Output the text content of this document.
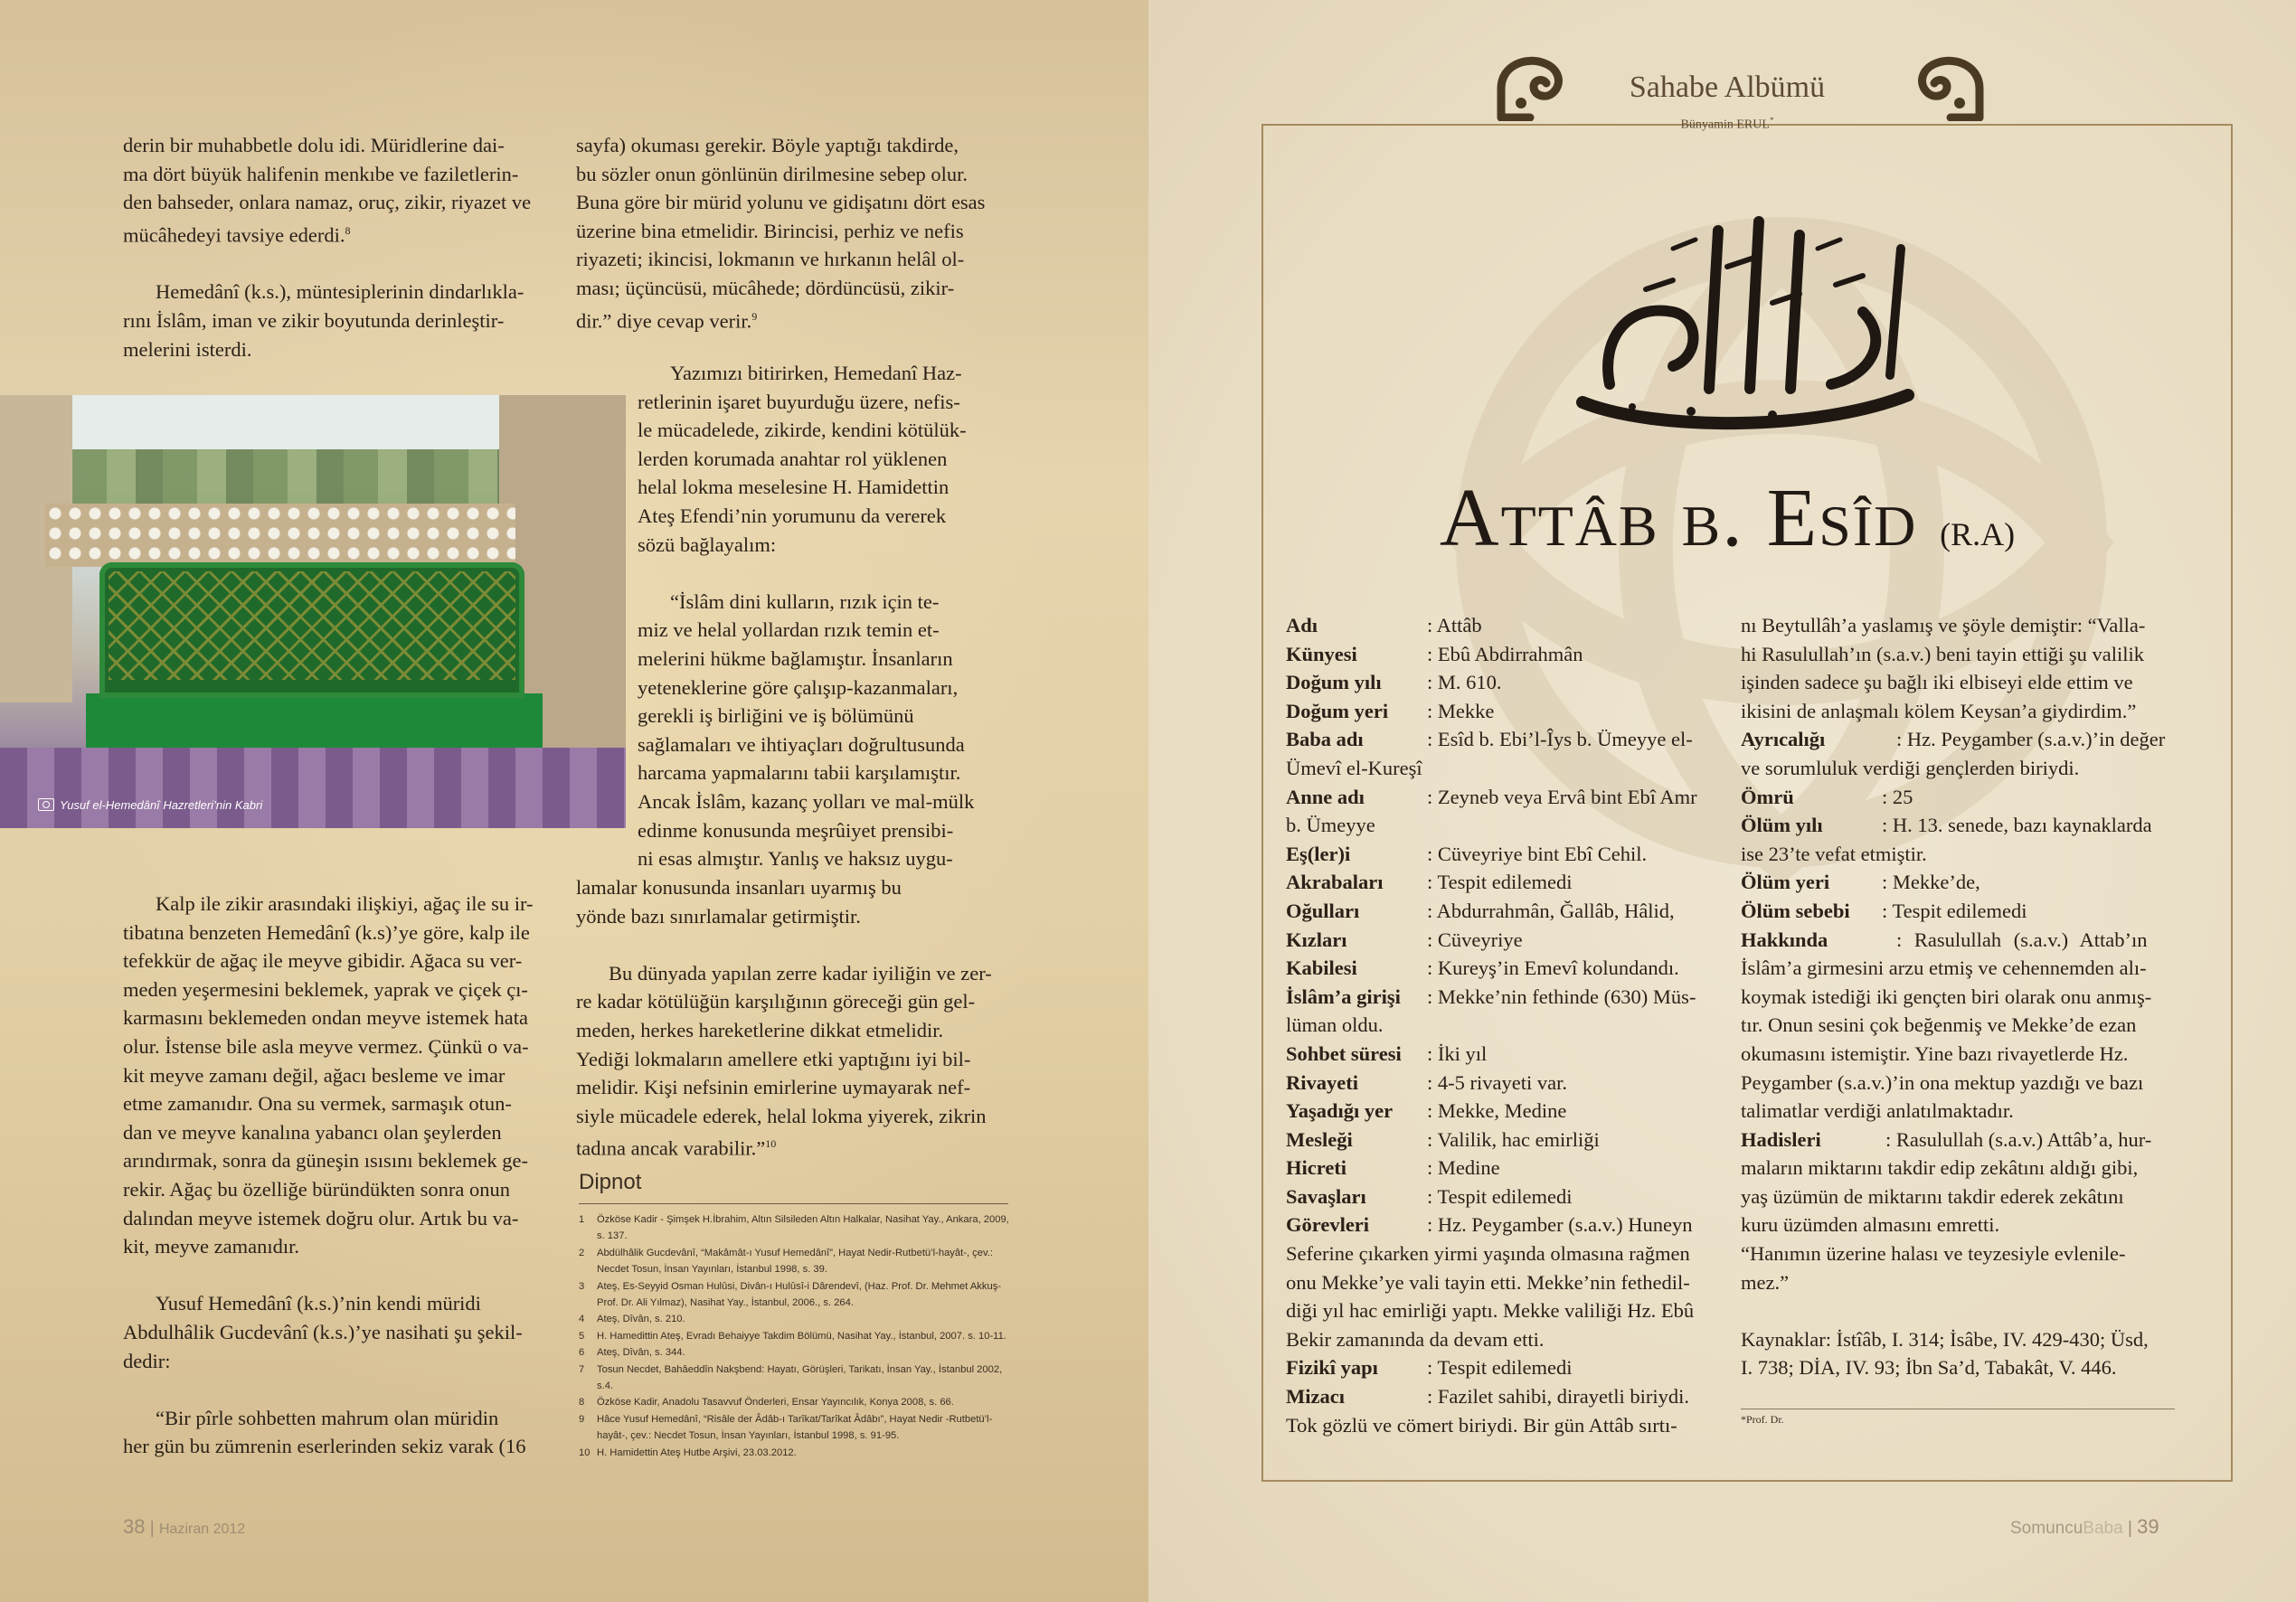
derin bir muhabbetle dolu idi. Müridlerine dai-

ma dört büyük halifenin menkıbe ve faziletlerin-

den bahseder, onlara namaz, oruç, zikir, riyazet ve

mücâhedeyi tavsiye ederdi.$^8$

Hemedânî (k.s.), müntesiplerinin dindarlıkla-

rını İslâm, iman ve zikir boyutunda derinleştir-

melerini isterdi.

sayfa) okuması gerekir. Böyle yaptığı takdirde,

bu sözler onun gönlünün dirilmesine sebep olur.

Buna göre bir mürid yolunu ve gidişatını dört esas

üzerine bina etmelidir. Birincisi, perhiz ve nefis

riyazeti; ikincisi, lokmanın ve hırkanın helâl ol-

ması; üçüncüsü, mücâhede; dördüncüsü, zikir-

dir.” diye cevap verir.$^9$

Yazımızı bitirirken, Hemedanî Haz-

retlerinin işaret buyurduğu üzere, nefis-

le mücadelede, zikirde, kendini kötülük-

lerden korumada anahtar rol yüklenen

helal lokma meselesine H. Hamidettin

Ateş Efendi’nin yorumunu da vererek

sözü bağlayalım:

“İslâm dini kulların, rızık için te-

miz ve helal yollardan rızık temin et-

melerini hükme bağlamıştır. İnsanların

yeteneklerine göre çalışıp-kazanmaları,

gerekli iş birliğini ve iş bölümünü

sağlamaları ve ihtiyaçları doğrultusunda

harcama yapmalarını tabii karşılamıştır.

Ancak İslâm, kazanç yolları ve mal-mülk

edinme konusunda meşrûiyet prensibi-

ni esas almıştır. Yanlış ve haksız uygu-

lamalar konusunda insanları uyarmış bu

yönde bazı sınırlamalar getirmiştir.

Bu dünyada yapılan zerre kadar iyiliğin ve zer-

re kadar kötülüğün karşılığının göreceği gün gel-

meden, herkes hareketlerine dikkat etmelidir.

Yediği lokmaların amellere etki yaptığını iyi bil-

melidir. Kişi nefsinin emirlerine uymayarak nef-

siyle mücadele ederek, helal lokma yiyerek, zikrin

tadına ancak varabilir.”$^{10}$

Yusuf el-Hemedânî Hazretleri’nin Kabri

Kalp ile zikir arasındaki ilişkiyi, ağaç ile su ir-

tibatına benzeten Hemedânî (k.s)’ye göre, kalp ile

tefekkür de ağaç ile meyve gibidir. Ağaca su ver-

meden yeşermesini beklemek, yaprak ve çiçek çı-

karmasını beklemeden ondan meyve istemek hata

olur. İstense bile asla meyve vermez. Çünkü o va-

kit meyve zamanı değil, ağacı besleme ve imar

etme zamanıdır. Ona su vermek, sarmaşık otun-

dan ve meyve kanalına yabancı olan şeylerden

arındırmak, sonra da güneşin ısısını beklemek ge-

rekir. Ağaç bu özelliğe büründükten sonra onun

dalından meyve istemek doğru olur. Artık bu va-

kit, meyve zamanıdır.

Yusuf Hemedânî (k.s.)’nin kendi müridi

Abdulhâlik Gucdevânî (k.s.)’ye nasihati şu şekil-

dedir:

“Bir pîrle sohbetten mahrum olan müridin

her gün bu zümrenin eserlerinden sekiz varak (16

Dipnot
1	Özköse Kadir - Şimşek H.İbrahim, Altın Silsileden Altın Halkalar, Nasihat Yay., Ankara, 2009, s. 137.
2	Abdülhâlik Gucdevânî, “Makâmât-ı Yusuf Hemedânî”, Hayat Nedir-Rutbetü’l-hayât-, çev.: Necdet Tosun, İnsan Yayınları, İstanbul 1998, s. 39.
3	Ateş, Es-Seyyid Osman Hulûsi, Divân-ı Hulûsî-i Dârendevî, (Haz. Prof. Dr. Mehmet Akkuş-Prof. Dr. Ali Yılmaz), Nasihat Yay., İstanbul, 2006., s. 264.
4	Ateş, Dîvân, s. 210.
5	H. Hamedittin Ateş, Evradı Behaiyye Takdim Bölümü, Nasihat Yay., İstanbul, 2007. s. 10-11.
6	Ateş, Dîvân, s. 344.
7	Tosun Necdet, Bahâeddîn Nakşbend: Hayatı, Görüşleri, Tarikatı, İnsan Yay., İstanbul 2002, s.4.
8	Özköse Kadir, Anadolu Tasavvuf Önderleri, Ensar Yayıncılık, Konya 2008, s. 66.
9	Hâce Yusuf Hemedânî, “Risâle der Âdâb-ı Tarîkat/Tarîkat Âdâbı”, Hayat Nedir -Rutbetü’l-hayât-, çev.: Necdet Tosun, İnsan Yayınları, İstanbul 1998, s. 91-95.
10 H. Hamidettin Ateş Hutbe Arşivi, 23.03.2012.
38 | Haziran 2012
Sahabe Albümü
Bünyamin ERUL*
Attâb b. Esîd (R.A)

Adı	: Attâb

Künyesi	: Ebû Abdirrahmân

Doğum yılı : M. 610.

Doğum yeri : Mekke

Baba adı	: Esîd b. Ebi’l-Îys b. Ümeyye el-

Ümevî el-Kureşî

Anne adı	: Zeyneb veya Ervâ bint Ebî Amr

b. Ümeyye

Eş(ler)i	: Cüveyriye bint Ebî Cehil.

Akrabaları : Tespit edilemedi

Oğulları	: Abdurrahmân, Ğallâb, Hâlid,

Kızları	: Cüveyriye

Kabilesi	: Kureyş’in Emevî kolundandı.

İslâm’a girişi : Mekke’nin fethinde (630) Müs-

lüman oldu.

Sohbet süresi : İki yıl

Rivayeti	: 4-5 rivayeti var.

Yaşadığı yer : Mekke, Medine

Mesleği	: Valilik, hac emirliği

Hicreti	: Medine

Savaşları	: Tespit edilemedi

Görevleri	: Hz. Peygamber (s.a.v.) Huneyn

Seferine çıkarken yirmi yaşında olmasına rağmen

onu Mekke’ye vali tayin etti. Mekke’nin fethedil-

diği yıl hac emirliği yaptı. Mekke valiliği Hz. Ebû

Bekir zamanında da devam etti.

Fizikî yapı : Tespit edilemedi

Mizacı	: Fazilet sahibi, dirayetli biriydi.

Tok gözlü ve cömert biriydi. Bir gün Attâb sırtı-

nı Beytullâh’a yaslamış ve şöyle demiştir: “Valla-

hi Rasulullah’ın (s.a.v.) beni tayin ettiği şu valilik

işinden sadece şu bağlı iki elbiseyi elde ettim ve

ikisini de anlaşmalı kölem Keysan’a giydirdim.”

Ayrıcalığı	: Hz. Peygamber (s.a.v.)’in değer

ve sorumluluk verdiği gençlerden biriydi.

Ömrü	: 25

Ölüm yılı	: H. 13. senede, bazı kaynaklarda

ise 23’te vefat etmiştir.

Ölüm yeri	: Mekke’de,

Ölüm sebebi : Tespit edilemedi

Hakkında	: Rasulullah (s.a.v.) Attab’ın

İslâm’a girmesini arzu etmiş ve cehennemden alı-

koymak istediği iki gençten biri olarak onu anmış-

tır. Onun sesini çok beğenmiş ve Mekke’de ezan

okumasını istemiştir. Yine bazı rivayetlerde Hz.

Peygamber (s.a.v.)’in ona mektup yazdığı ve bazı

talimatlar verdiği anlatılmaktadır.

Hadisleri	: Rasulullah (s.a.v.) Attâb’a, hur-

maların miktarını takdir edip zekâtını aldığı gibi,

yaş üzümün de miktarını takdir ederek zekâtını

kuru üzümden almasını emretti.

“Hanımın üzerine halası ve teyzesiyle evlenile-

mez.”

Kaynaklar: İstîâb, I. 314; İsâbe, IV. 429-430; Üsd,

I. 738; DİA, IV. 93; İbn Sa’d, Tabakât, V. 446.

*Prof. Dr.
SomuncuBaba | 39
